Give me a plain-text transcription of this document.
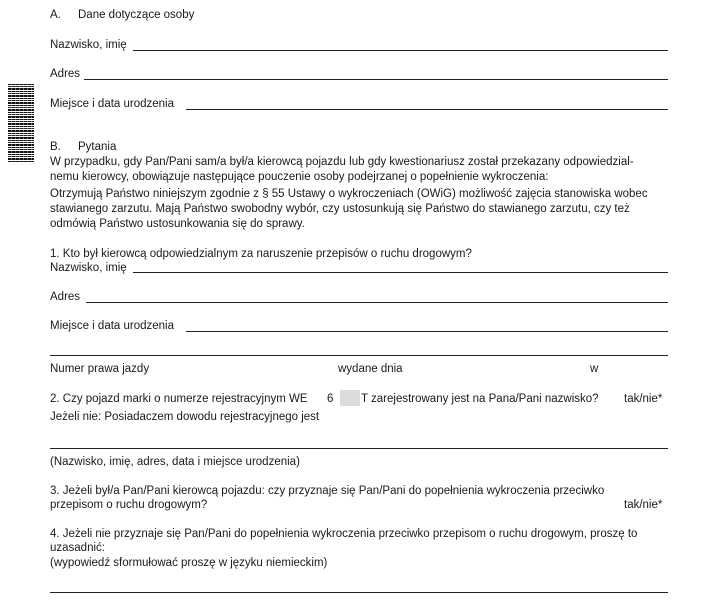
A. Dane dotyczące osoby
Nazwisko, imię
Adres
Miejsce i data urodzenia
B. Pytania
W przypadku, gdy Pan/Pani sam/a był/a kierowcą pojazdu lub gdy kwestionariusz został przekazany odpowiedzial-
nemu kierowcy, obowiązuje następujące pouczenie osoby podejrzanej o popełnienie wykroczenia:
Otrzymują Państwo niniejszym zgodnie z § 55 Ustawy o wykroczeniach (OWiG) możliwość zajęcia stanowiska wobec
stawianego zarzutu. Mają Państwo swobodny wybór, czy ustosunkują się Państwo do stawianego zarzutu, czy też
odmówią Państwo ustosunkowania się do sprawy.
1. Kto był kierowcą odpowiedzialnym za naruszenie przepisów o ruchu drogowym?
Nazwisko, imię
Adres
Miejsce i data urodzenia
Numer prawa jazdy	wydane dnia	w
2. Czy pojazd marki o numerze rejestracyjnym WE 6 T zarejestrowany jest na Pana/Pani nazwisko? tak/nie*
Jeżeli nie: Posiadaczem dowodu rejestracyjnego jest
(Nazwisko, imię, adres, data i miejsce urodzenia)
3. Jeżeli był/a Pan/Pani kierowcą pojazdu: czy przyznaje się Pan/Pani do popełnienia wykroczenia przeciwko
przepisom o ruchu drogowym?	tak/nie*
4. Jeżeli nie przyznaje się Pan/Pani do popełnienia wykroczenia przeciwko przepisom o ruchu drogowym, proszę to
uzasadnić:
(wypowiedź sformułować proszę w języku niemieckim)
